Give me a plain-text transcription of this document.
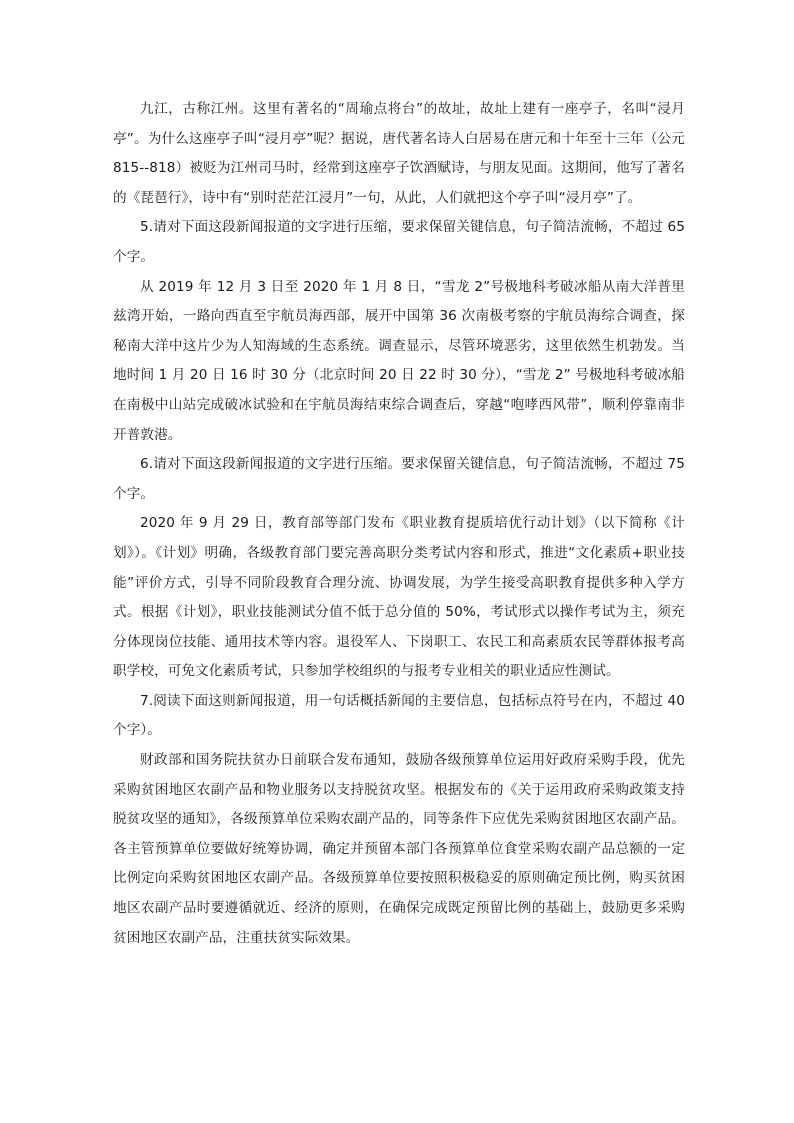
九江，古称江州。这里有著名的“周瑜点将台”的故址，故址上建有一座亭子，名叫“浸月亭”。为什么这座亭子叫“浸月亭”呢？据说，唐代著名诗人白居易在唐元和十年至十三年（公元 815--818）被贬为江州司马时，经常到这座亭子饮酒赋诗，与朋友见面。这期间，他写了著名的《琵琶行》，诗中有“别时茫茫江浸月”一句，从此，人们就把这个亭子叫“浸月亭”了。

5.请对下面这段新闻报道的文字进行压缩，要求保留关键信息，句子简洁流畅，不超过 65 个字。

从 2019 年 12 月 3 日至 2020 年 1 月 8 日，“雪龙 2”号极地科考破冰船从南大洋普里兹湾开始，一路向西直至宇航员海西部，展开中国第 36 次南极考察的宇航员海综合调查，探秘南大洋中这片少为人知海域的生态系统。调查显示，尽管环境恶劣，这里依然生机勃发。当地时间 1 月 20 日 16 时 30 分（北京时间 20 日 22 时 30 分），“雪龙 2” 号极地科考破冰船在南极中山站完成破冰试验和在宇航员海结束综合调查后，穿越“咆哮西风带”，顺利停靠南非开普敦港。

6.请对下面这段新闻报道的文字进行压缩。要求保留关键信息，句子简洁流畅，不超过 75 个字。

2020 年 9 月 29 日，教育部等部门发布《职业教育提质培优行动计划》（以下简称《计划》）。《计划》明确，各级教育部门要完善高职分类考试内容和形式，推进“文化素质+职业技能”评价方式，引导不同阶段教育合理分流、协调发展，为学生接受高职教育提供多种入学方式。根据《计划》，职业技能测试分值不低于总分值的 50%，考试形式以操作考试为主，须充分体现岗位技能、通用技术等内容。退役军人、下岗职工、农民工和高素质农民等群体报考高职学校，可免文化素质考试，只参加学校组织的与报考专业相关的职业适应性测试。

7.阅读下面这则新闻报道，用一句话概括新闻的主要信息，包括标点符号在内，不超过 40 个字）。

财政部和国务院扶贫办日前联合发布通知，鼓励各级预算单位运用好政府采购手段，优先采购贫困地区农副产品和物业服务以支持脱贫攻坚。根据发布的《关于运用政府采购政策支持脱贫攻坚的通知》，各级预算单位采购农副产品的，同等条件下应优先采购贫困地区农副产品。各主管预算单位要做好统筹协调，确定并预留本部门各预算单位食堂采购农副产品总额的一定比例定向采购贫困地区农副产品。各级预算单位要按照积极稳妥的原则确定预比例，购买贫困地区农副产品时要遵循就近、经济的原则，在确保完成既定预留比例的基础上，鼓励更多采购贫困地区农副产品，注重扶贫实际效果。
